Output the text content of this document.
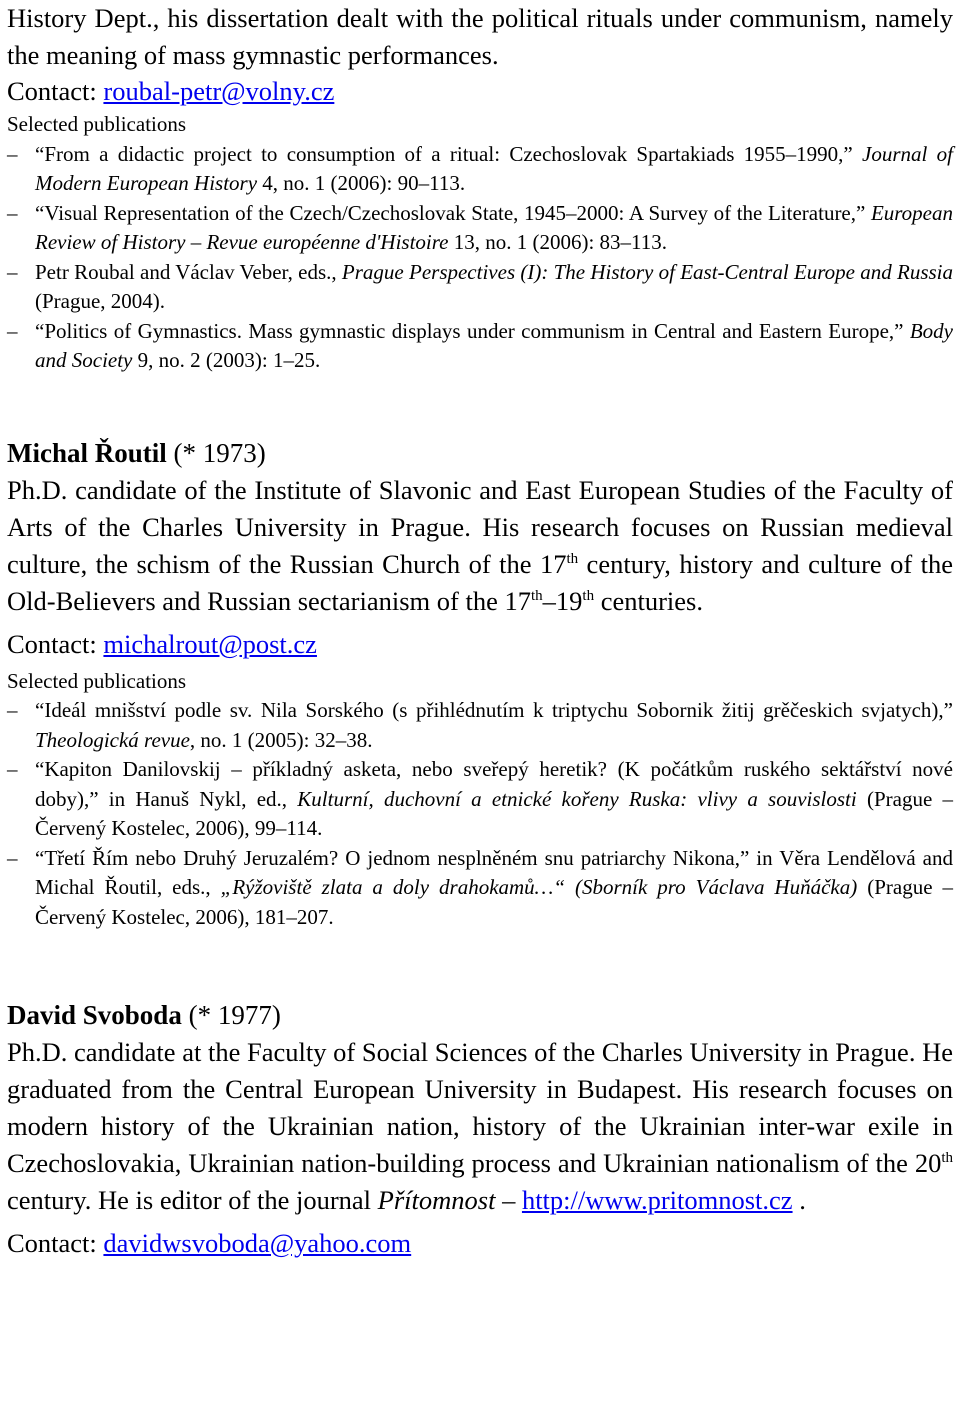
History Dept., his dissertation dealt with the political rituals under communism, namely the meaning of mass gymnastic performances.

Contact: roubal-petr@volny.cz

Selected publications

– “From a didactic project to consumption of a ritual: Czechoslovak Spartakiads 1955–1990,” Journal of Modern European History 4, no. 1 (2006): 90–113.
– “Visual Representation of the Czech/Czechoslovak State, 1945–2000: A Survey of the Literature,” European Review of History – Revue européenne d'Histoire 13, no. 1 (2006): 83–113.
– Petr Roubal and Václav Veber, eds., Prague Perspectives (I): The History of East-Central Europe and Russia (Prague, 2004).
– “Politics of Gymnastics. Mass gymnastic displays under communism in Central and Eastern Europe,” Body and Society 9, no. 2 (2003): 1–25.

Michal Řoutil (* 1973)

Ph.D. candidate of the Institute of Slavonic and East European Studies of the Faculty of Arts of the Charles University in Prague. His research focuses on Russian medieval culture, the schism of the Russian Church of the 17th century, history and culture of the Old-Believers and Russian sectarianism of the 17th–19th centuries.

Contact: michalrout@post.cz

Selected publications

– “Ideál mnišství podle sv. Nila Sorského (s přihlédnutím k triptychu Sobornik žitij grěčeskich svjatych),” Theologická revue, no. 1 (2005): 32–38.
– “Kapiton Danilovskij – příkladný asketa, nebo sveřepý heretik? (K počátkům ruského sektářství nové doby),” in Hanuš Nykl, ed., Kulturní, duchovní a etnické kořeny Ruska: vlivy a souvislosti (Prague – Červený Kostelec, 2006), 99–114.
– “Třetí Řím nebo Druhý Jeruzalém? O jednom nesplněném snu patriarchy Nikona,” in Věra Lendělová and Michal Řoutil, eds., „Rýžoviště zlata a doly drahokamů…“ (Sborník pro Václava Huňáčka) (Prague – Červený Kostelec, 2006), 181–207.

David Svoboda (* 1977)

Ph.D. candidate at the Faculty of Social Sciences of the Charles University in Prague. He graduated from the Central European University in Budapest. His research focuses on modern history of the Ukrainian nation, history of the Ukrainian inter-war exile in Czechoslovakia, Ukrainian nation-building process and Ukrainian nationalism of the 20th century. He is editor of the journal Přítomnost – http://www.pritomnost.cz .

Contact: davidwsvoboda@yahoo.com
